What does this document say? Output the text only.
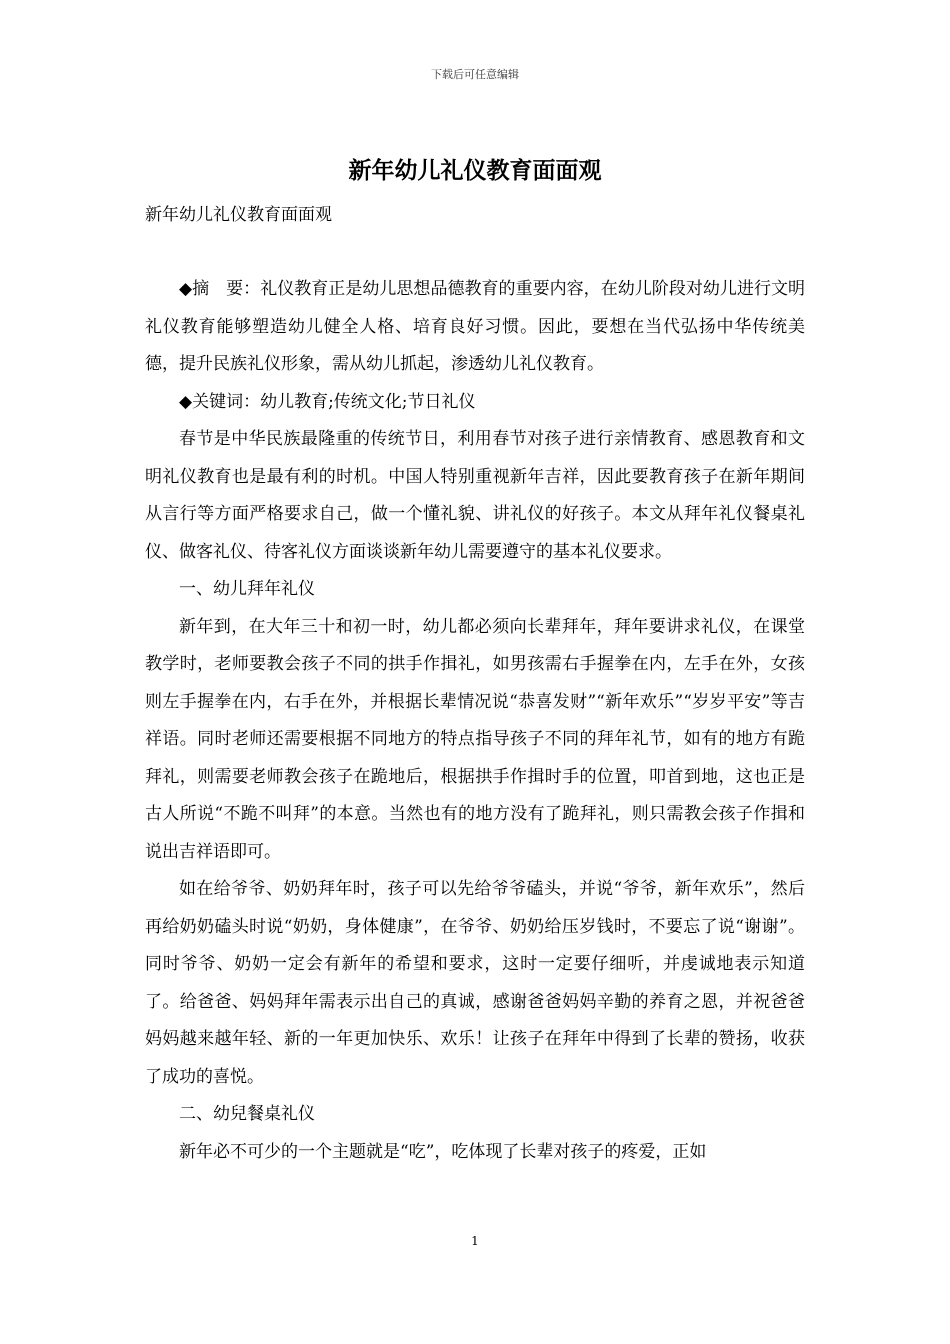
下载后可任意编辑
新年幼儿礼仪教育面面观
新年幼儿礼仪教育面面观

◆摘　要：礼仪教育正是幼儿思想品德教育的重要内容，在幼儿阶段对幼儿进行文明礼仪教育能够塑造幼儿健全人格、培育良好习惯。因此，要想在当代弘扬中华传统美德，提升民族礼仪形象，需从幼儿抓起，渗透幼儿礼仪教育。

◆关键词：幼儿教育;传统文化;节日礼仪

春节是中华民族最隆重的传统节日，利用春节对孩子进行亲情教育、感恩教育和文明礼仪教育也是最有利的时机。中国人特别重视新年吉祥，因此要教育孩子在新年期间从言行等方面严格要求自己，做一个懂礼貌、讲礼仪的好孩子。本文从拜年礼仪餐桌礼仪、做客礼仪、待客礼仪方面谈谈新年幼儿需要遵守的基本礼仪要求。

一、幼儿拜年礼仪

新年到，在大年三十和初一时，幼儿都必须向长辈拜年，拜年要讲求礼仪，在课堂教学时，老师要教会孩子不同的拱手作揖礼，如男孩需右手握拳在内，左手在外，女孩则左手握拳在内，右手在外，并根据长辈情况说“恭喜发财”“新年欢乐”“岁岁平安”等吉祥语。同时老师还需要根据不同地方的特点指导孩子不同的拜年礼节，如有的地方有跪拜礼，则需要老师教会孩子在跪地后，根据拱手作揖时手的位置，叩首到地，这也正是古人所说“不跪不叫拜”的本意。当然也有的地方没有了跪拜礼，则只需教会孩子作揖和说出吉祥语即可。

如在给爷爷、奶奶拜年时，孩子可以先给爷爷磕头，并说“爷爷，新年欢乐”，然后再给奶奶磕头时说“奶奶，身体健康”，在爷爷、奶奶给压岁钱时，不要忘了说“谢谢”。同时爷爷、奶奶一定会有新年的希望和要求，这时一定要仔细听，并虔诚地表示知道了。给爸爸、妈妈拜年需表示出自己的真诚，感谢爸爸妈妈辛勤的养育之恩，并祝爸爸妈妈越来越年轻、新的一年更加快乐、欢乐！让孩子在拜年中得到了长辈的赞扬，收获了成功的喜悦。

二、幼兒餐桌礼仪

新年必不可少的一个主题就是“吃”，吃体现了长辈对孩子的疼爱，正如

1
